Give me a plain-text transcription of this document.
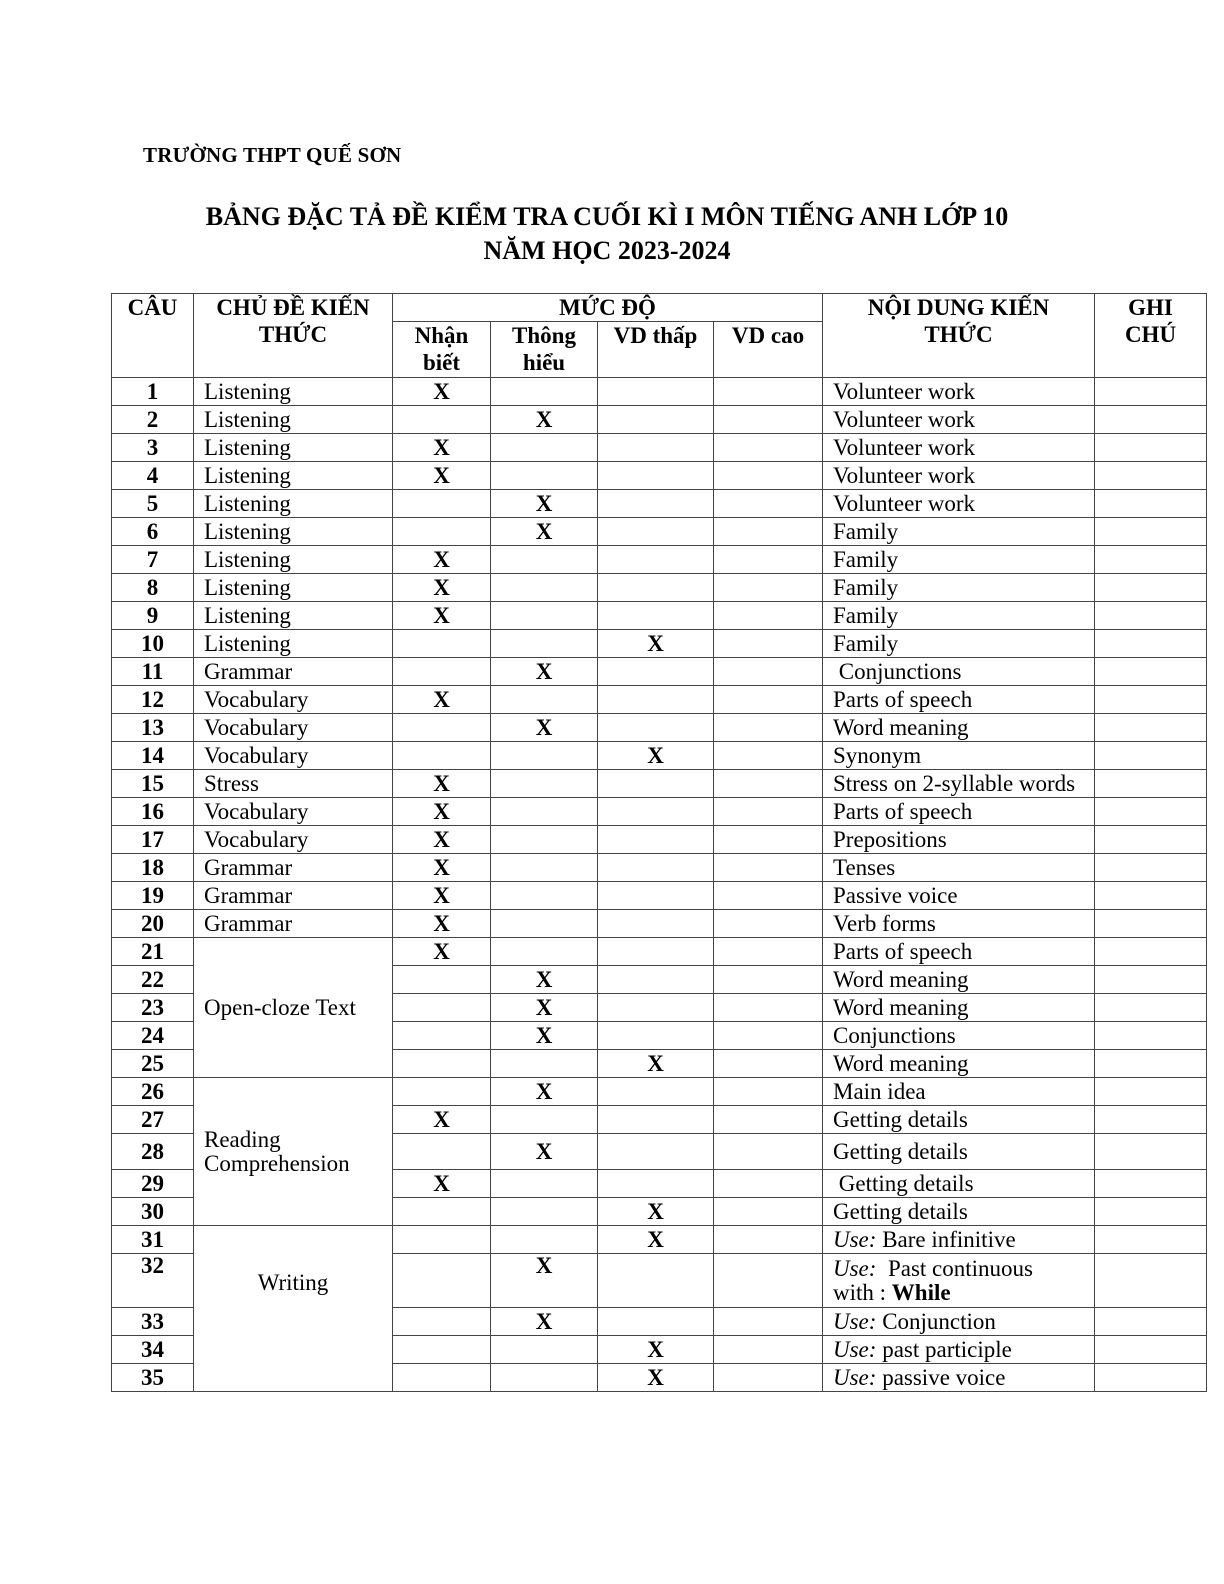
TRƯỜNG THPT QUẾ SƠN
BẢNG ĐẶC TẢ ĐỀ KIỂM TRA CUỐI KÌ I MÔN TIẾNG ANH LỚP 10
NĂM HỌC 2023-2024
CÂU	CHỦ ĐỀ KIẾN THỨC	MỨC ĐỘ				NỘI DUNG KIẾN THỨC	GHI CHÚ
		Nhận biết	Thông hiểu	VD thấp	VD cao		
1	Listening	X				Volunteer work	
2	Listening		X			Volunteer work	
3	Listening	X				Volunteer work	
4	Listening	X				Volunteer work	
5	Listening		X			Volunteer work	
6	Listening		X			Family	
7	Listening	X				Family	
8	Listening	X				Family	
9	Listening	X				Family	
10	Listening			X		Family	
11	Grammar		X			Conjunctions	
12	Vocabulary	X				Parts of speech	
13	Vocabulary		X			Word meaning	
14	Vocabulary			X		Synonym	
15	Stress	X				Stress on 2-syllable words	
16	Vocabulary	X				Parts of speech	
17	Vocabulary	X				Prepositions	
18	Grammar	X				Tenses	
19	Grammar	X				Passive voice	
20	Grammar	X				Verb forms	
21	Open-cloze Text	X				Parts of speech	
22			X			Word meaning	
23			X			Word meaning	
24			X			Conjunctions	
25				X		Word meaning	
26	Reading Comprehension		X			Main idea	
27		X				Getting details	
28			X			Getting details	
29		X				Getting details	
30				X		Getting details	
31	Writing			X		Use: Bare infinitive	
32			X			Use:  Past continuous
with : While	
33			X			Use: Conjunction	
34				X		Use: past participle	
35				X		Use: passive voice	
